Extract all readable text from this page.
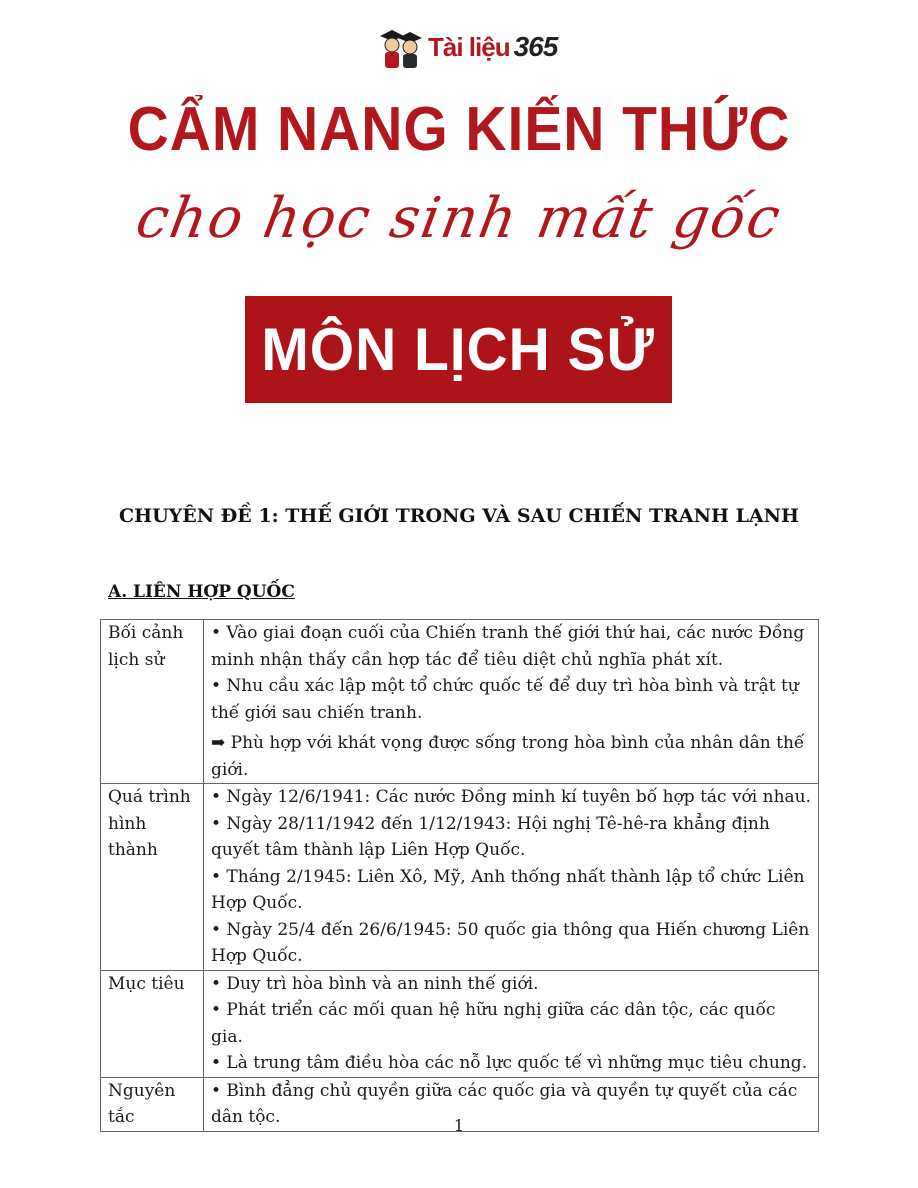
Tài liệu 365
CẨM NANG KIẾN THỨC
cho học sinh mất gốc
MÔN LỊCH SỬ
CHUYÊN ĐỀ 1: THẾ GIỚI TRONG VÀ SAU CHIẾN TRANH LẠNH
A. LIÊN HỢP QUỐC
Bối cảnh lịch sử	• Vào giai đoạn cuối của Chiến tranh thế giới thứ hai, các nước Đồng minh nhận thấy cần hợp tác để tiêu diệt chủ nghĩa phát xít.
• Nhu cầu xác lập một tổ chức quốc tế để duy trì hòa bình và trật tự thế giới sau chiến tranh.
➡ Phù hợp với khát vọng được sống trong hòa bình của nhân dân thế giới.

Quá trình hình thành	• Ngày 12/6/1941: Các nước Đồng minh kí tuyên bố hợp tác với nhau.
• Ngày 28/11/1942 đến 1/12/1943: Hội nghị Tê-hê-ra khẳng định quyết tâm thành lập Liên Hợp Quốc.
• Tháng 2/1945: Liên Xô, Mỹ, Anh thống nhất thành lập tổ chức Liên Hợp Quốc.
• Ngày 25/4 đến 26/6/1945: 50 quốc gia thông qua Hiến chương Liên Hợp Quốc.

Mục tiêu	• Duy trì hòa bình và an ninh thế giới.
• Phát triển các mối quan hệ hữu nghị giữa các dân tộc, các quốc gia.
• Là trung tâm điều hòa các nỗ lực quốc tế vì những mục tiêu chung.

Nguyên tắc	• Bình đẳng chủ quyền giữa các quốc gia và quyền tự quyết của các dân tộc.	1
